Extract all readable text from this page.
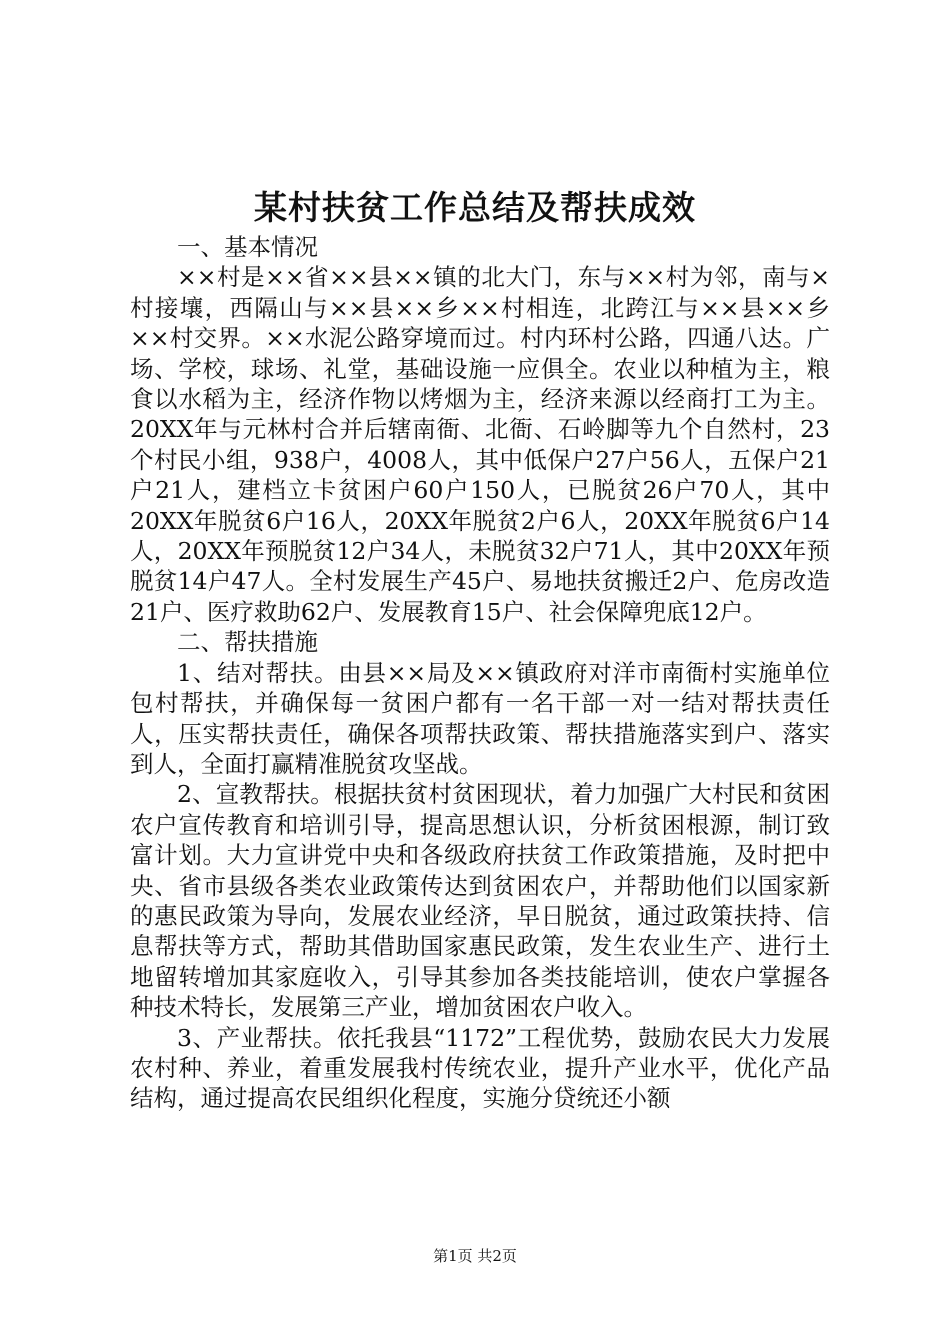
某村扶贫工作总结及帮扶成效

一、基本情况

××村是××省××县××镇的北大门，东与××村为邻，南与×村接壤，西隔山与××县××乡××村相连，北跨江与××县××乡××村交界。××水泥公路穿境而过。村内环村公路，四通八达。广场、学校，球场、礼堂，基础设施一应俱全。农业以种植为主，粮食以水稻为主，经济作物以烤烟为主，经济来源以经商打工为主。20XX年与元林村合并后辖南衙、北衙、石岭脚等九个自然村，23个村民小组，938户，4008人，其中低保户27户56人，五保户21户21人，建档立卡贫困户60户150人，已脱贫26户70人，其中20XX年脱贫6户16人，20XX年脱贫2户6人，20XX年脱贫6户14人，20XX年预脱贫12户34人，未脱贫32户71人，其中20XX年预脱贫14户47人。全村发展生产45户、易地扶贫搬迁2户、危房改造21户、医疗救助62户、发展教育15户、社会保障兜底12户。

二、帮扶措施

1、结对帮扶。由县××局及××镇政府对洋市南衙村实施单位包村帮扶，并确保每一贫困户都有一名干部一对一结对帮扶责任人，压实帮扶责任，确保各项帮扶政策、帮扶措施落实到户、落实到人，全面打赢精准脱贫攻坚战。

2、宣教帮扶。根据扶贫村贫困现状，着力加强广大村民和贫困农户宣传教育和培训引导，提高思想认识，分析贫困根源，制订致富计划。大力宣讲党中央和各级政府扶贫工作政策措施，及时把中央、省市县级各类农业政策传达到贫困农户，并帮助他们以国家新的惠民政策为导向，发展农业经济，早日脱贫，通过政策扶持、信息帮扶等方式，帮助其借助国家惠民政策，发生农业生产、进行土地留转增加其家庭收入，引导其参加各类技能培训，使农户掌握各种技术特长，发展第三产业，增加贫困农户收入。

3、产业帮扶。依托我县“1172”工程优势，鼓励农民大力发展农村种、养业，着重发展我村传统农业，提升产业水平，优化产品结构，通过提高农民组织化程度，实施分贷统还小额

第1页 共2页
